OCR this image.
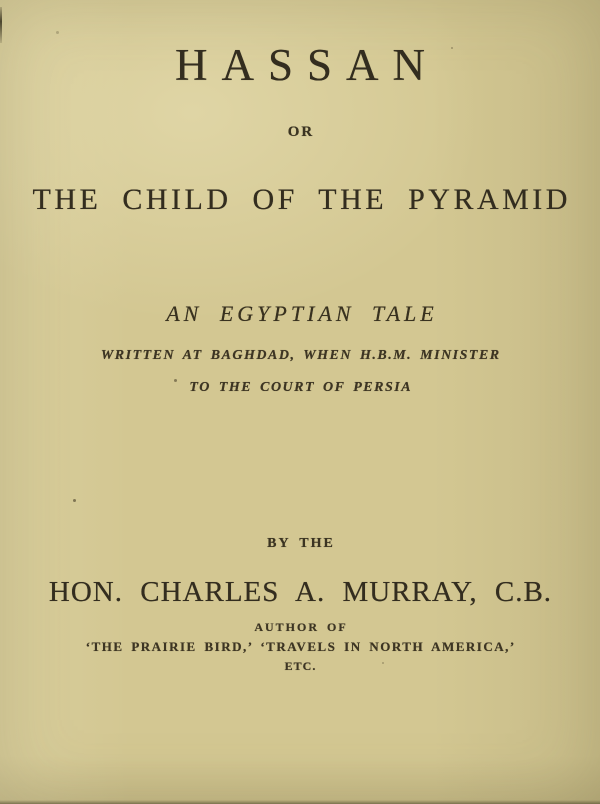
HASSAN
OR
THE CHILD OF THE PYRAMID
AN EGYPTIAN TALE
WRITTEN AT BAGHDAD, WHEN H.B.M. MINISTER
TO THE COURT OF PERSIA
BY THE
HON. CHARLES A. MURRAY, C.B.
AUTHOR OF
‘THE PRAIRIE BIRD,’ ‘TRAVELS IN NORTH AMERICA,’
ETC.
